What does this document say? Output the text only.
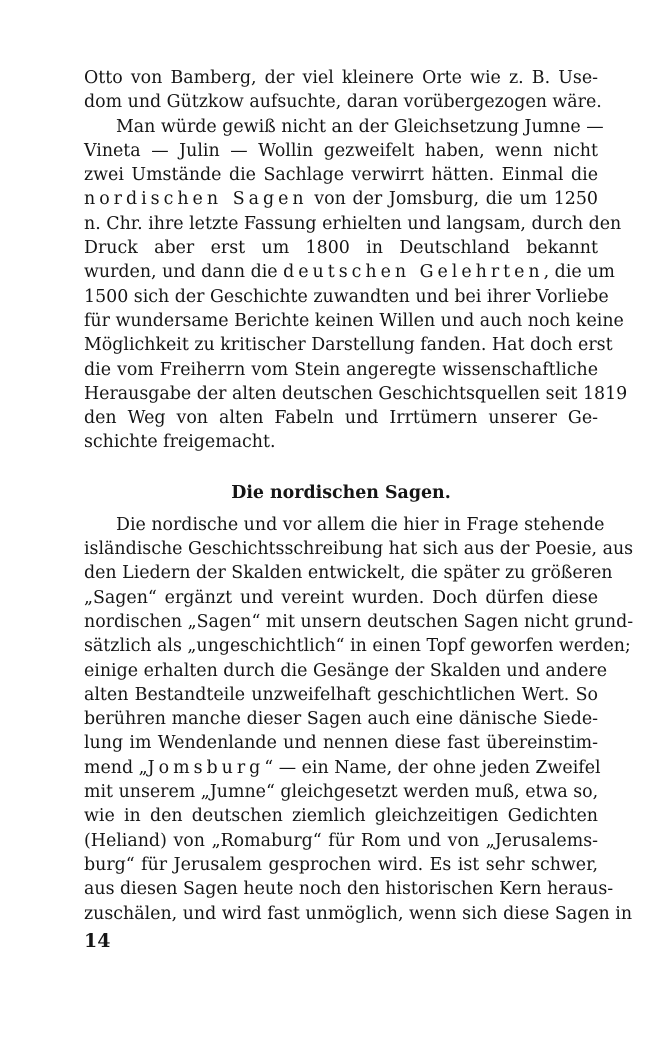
Otto von Bamberg, der viel kleinere Orte wie z. B. Use-
dom und Gützkow aufsuchte, daran vorübergezogen wäre.
Man würde gewiß nicht an der Gleichsetzung Jumne —
Vineta — Julin — Wollin gezweifelt haben, wenn nicht
zwei Umstände die Sachlage verwirrt hätten. Einmal die
nordischen Sagen von der Jomsburg, die um 1250
n. Chr. ihre letzte Fassung erhielten und langsam, durch den
Druck aber erst um 1800 in Deutschland bekannt
wurden, und dann die deutschen Gelehrten, die um
1500 sich der Geschichte zuwandten und bei ihrer Vorliebe
für wundersame Berichte keinen Willen und auch noch keine
Möglichkeit zu kritischer Darstellung fanden. Hat doch erst
die vom Freiherrn vom Stein angeregte wissenschaftliche
Herausgabe der alten deutschen Geschichtsquellen seit 1819
den Weg von alten Fabeln und Irrtümern unserer Ge-
schichte freigemacht.
Die nordischen Sagen.
Die nordische und vor allem die hier in Frage stehende
isländische Geschichtsschreibung hat sich aus der Poesie, aus
den Liedern der Skalden entwickelt, die später zu größeren
„Sagen“ ergänzt und vereint wurden. Doch dürfen diese
nordischen „Sagen“ mit unsern deutschen Sagen nicht grund-
sätzlich als „ungeschichtlich“ in einen Topf geworfen werden;
einige erhalten durch die Gesänge der Skalden und andere
alten Bestandteile unzweifelhaft geschichtlichen Wert. So
berühren manche dieser Sagen auch eine dänische Siede-
lung im Wendenlande und nennen diese fast übereinstim-
mend „Jomsburg“ — ein Name, der ohne jeden Zweifel
mit unserem „Jumne“ gleichgesetzt werden muß, etwa so,
wie in den deutschen ziemlich gleichzeitigen Gedichten
(Heliand) von „Romaburg“ für Rom und von „Jerusalems-
burg“ für Jerusalem gesprochen wird. Es ist sehr schwer,
aus diesen Sagen heute noch den historischen Kern heraus-
zuschälen, und wird fast unmöglich, wenn sich diese Sagen in
14
